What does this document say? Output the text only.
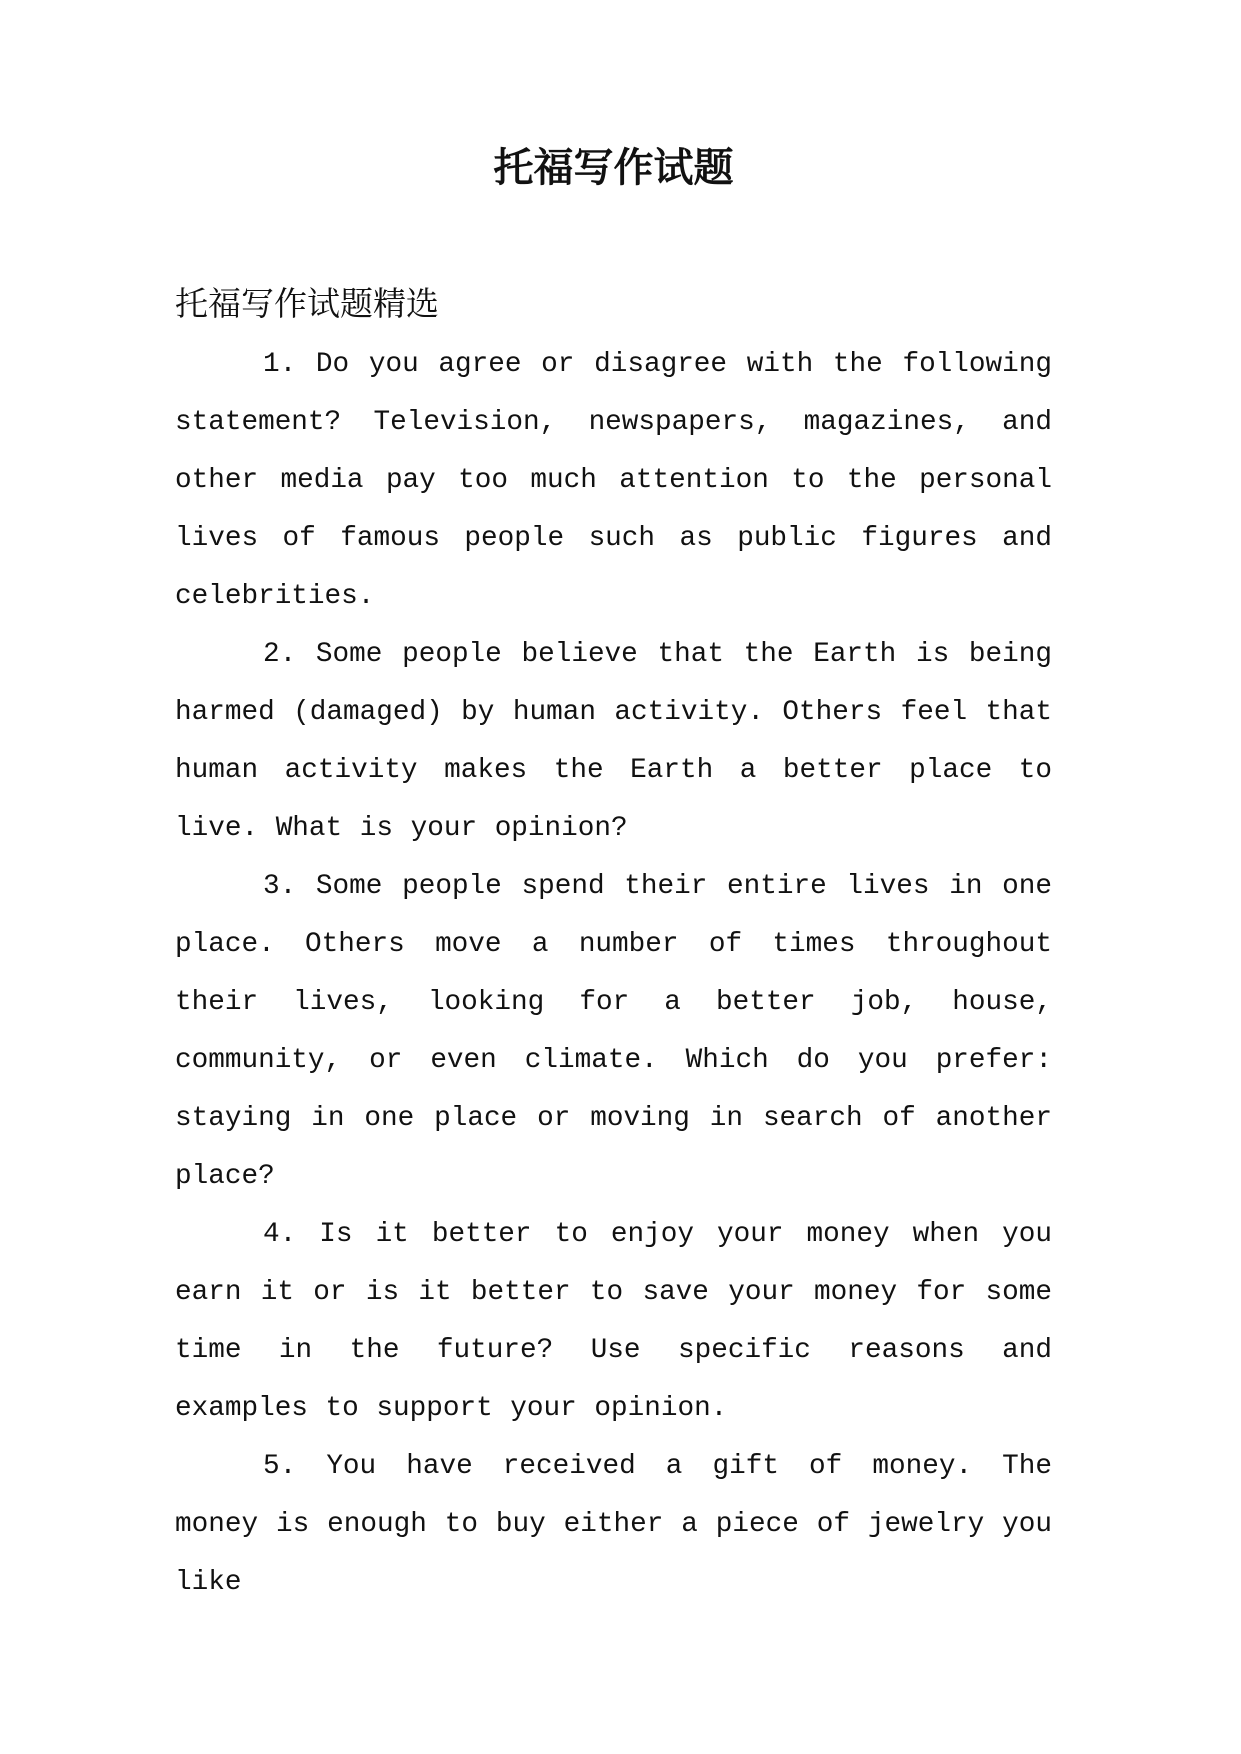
托福写作试题

托福写作试题精选

1. Do you agree or disagree with the following statement? Television, newspapers, magazines, and other media pay too much attention to the personal lives of famous people such as public figures and celebrities.

2. Some people believe that the Earth is being harmed (damaged) by human activity. Others feel that human activity makes the Earth a better place to live. What is your opinion?

3. Some people spend their entire lives in one place. Others move a number of times throughout their lives, looking for a better job, house, community, or even climate. Which do you prefer: staying in one place or moving in search of another place?

4. Is it better to enjoy your money when you earn it or is it better to save your money for some time in the future? Use specific reasons and examples to support your opinion.

5. You have received a gift of money. The money is enough to buy either a piece of jewelry you like
